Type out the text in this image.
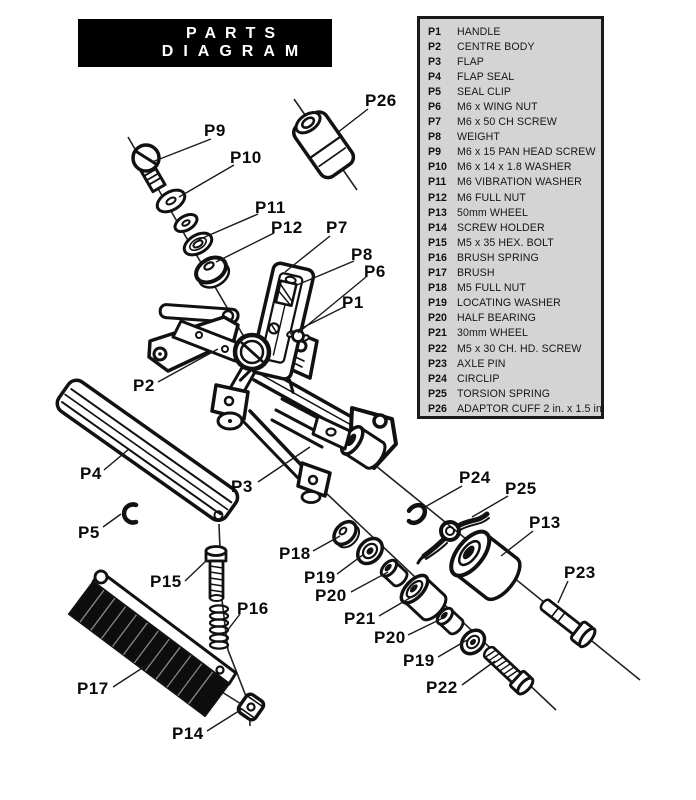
PARTS
DIAGRAM
P1	HANDLE
P2	CENTRE BODY
P3	FLAP
P4	FLAP SEAL
P5	SEAL CLIP
P6	M6 x WING NUT
P7	M6 x 50 CH SCREW
P8	WEIGHT
P9	M6 x 15 PAN HEAD SCREW
P10 M6 x 14 x 1.8 WASHER
P11	M6 VIBRATION WASHER
P12 M6 FULL NUT
P13 50mm WHEEL
P14 SCREW HOLDER
P15 M5 x 35 HEX. BOLT
P16 BRUSH SPRING
P17 BRUSH
P18 M5 FULL NUT
P19 LOCATING WASHER
P20 HALF BEARING
P21 30mm WHEEL
P22 M5 x 30 CH. HD. SCREW
P23 AXLE PIN
P24 CIRCLIP
P25 TORSION SPRING
P26 ADAPTOR CUFF 2 in. x 1.5 in.
P9
P26
P10
P11
P12 P7
P8
P6
P1
P2
P4
P3
P5
P24
P25
P13
P18
P19
P15
P20
P23
P16
P21
P20
P19
P17	P22
P14
